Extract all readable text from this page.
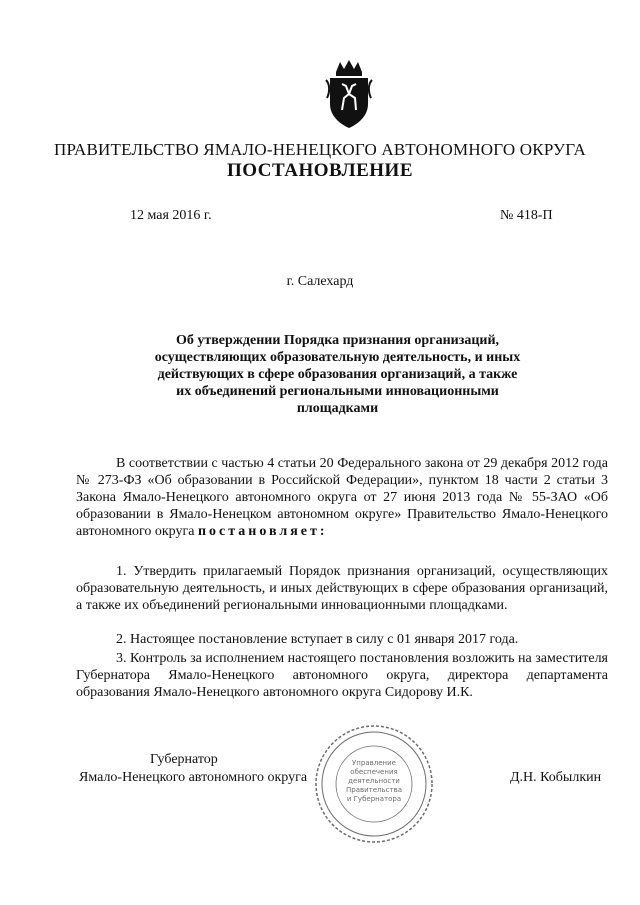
ПРАВИТЕЛЬСТВО ЯМАЛО-НЕНЕЦКОГО АВТОНОМНОГО ОКРУГА
ПОСТАНОВЛЕНИЕ
12 мая 2016 г.	№ 418-П
г. Салехард
Об утверждении Порядка признания организаций, осуществляющих образовательную деятельность, и иных действующих в сфере образования организаций, а также их объединений региональными инновационными площадками
В соответствии с частью 4 статьи 20 Федерального закона от 29 декабря 2012 года № 273-ФЗ «Об образовании в Российской Федерации», пунктом 18 части 2 статьи 3 Закона Ямало-Ненецкого автономного округа от 27 июня 2013 года № 55-ЗАО «Об образовании в Ямало-Ненецком автономном округе» Правительство Ямало-Ненецкого автономного округа постановляет:
1. Утвердить прилагаемый Порядок признания организаций, осуществляющих образовательную деятельность, и иных действующих в сфере образования организаций, а также их объединений региональными инновационными площадками.
2. Настоящее постановление вступает в силу с 01 января 2017 года.
3. Контроль за исполнением настоящего постановления возложить на заместителя Губернатора Ямало-Ненецкого автономного округа, директора департамента образования Ямало-Ненецкого автономного округа Сидорову И.К.
Губернатор
Ямало-Ненецкого автономного округа	Д.Н. Кобылкин
Управление
обеспечения
деятельности
Правительства
и Губернатора
